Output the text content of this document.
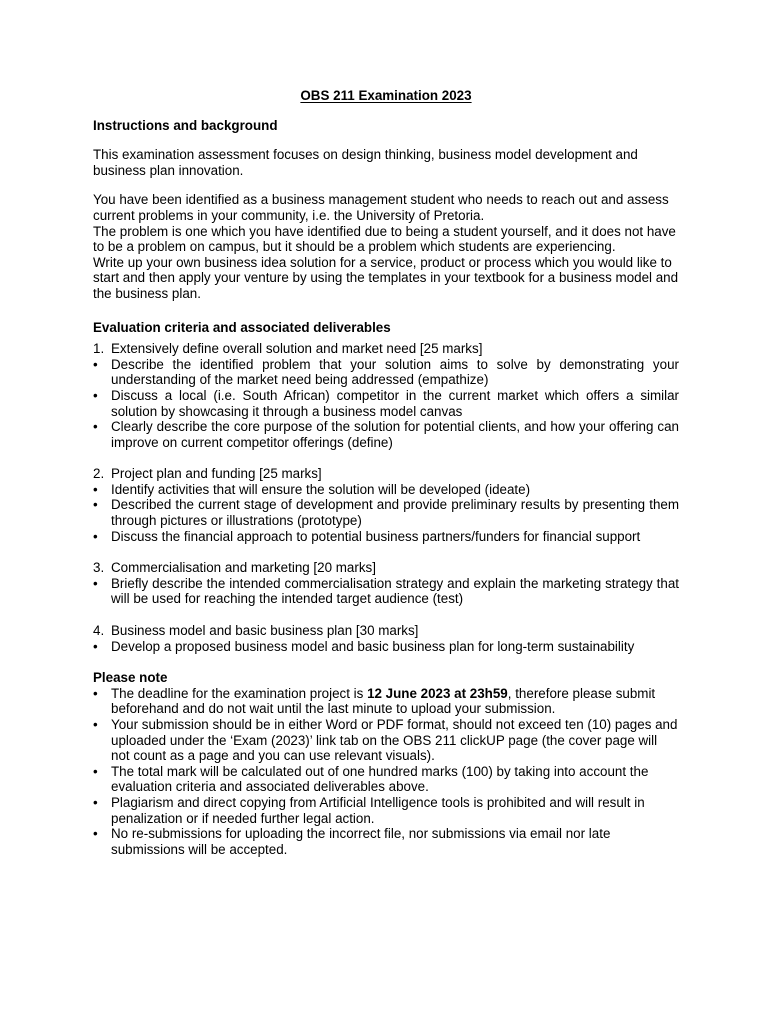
OBS 211 Examination 2023

Instructions and background

This examination assessment focuses on design thinking, business model development and business plan innovation.

You have been identified as a business management student who needs to reach out and assess current problems in your community, i.e. the University of Pretoria.

The problem is one which you have identified due to being a student yourself, and it does not have to be a problem on campus, but it should be a problem which students are experiencing.

Write up your own business idea solution for a service, product or process which you would like to start and then apply your venture by using the templates in your textbook for a business model and the business plan.

Evaluation criteria and associated deliverables

1. Extensively define overall solution and market need [25 marks]
• Describe the identified problem that your solution aims to solve by demonstrating your understanding of the market need being addressed (empathize)
• Discuss a local (i.e. South African) competitor in the current market which offers a similar solution by showcasing it through a business model canvas
• Clearly describe the core purpose of the solution for potential clients, and how your offering can improve on current competitor offerings (define)
2. Project plan and funding [25 marks]
• Identify activities that will ensure the solution will be developed (ideate)
• Described the current stage of development and provide preliminary results by presenting them through pictures or illustrations (prototype)
• Discuss the financial approach to potential business partners/funders for financial support
3. Commercialisation and marketing [20 marks]
• Briefly describe the intended commercialisation strategy and explain the marketing strategy that will be used for reaching the intended target audience (test)
4. Business model and basic business plan [30 marks]
• Develop a proposed business model and basic business plan for long-term sustainability

Please note

• The deadline for the examination project is 12 June 2023 at 23h59, therefore please submit beforehand and do not wait until the last minute to upload your submission.
• Your submission should be in either Word or PDF format, should not exceed ten (10) pages and uploaded under the ‘Exam (2023)’ link tab on the OBS 211 clickUP page (the cover page will not count as a page and you can use relevant visuals).
• The total mark will be calculated out of one hundred marks (100) by taking into account the evaluation criteria and associated deliverables above.
• Plagiarism and direct copying from Artificial Intelligence tools is prohibited and will result in penalization or if needed further legal action.
• No re-submissions for uploading the incorrect file, nor submissions via email nor late submissions will be accepted.
